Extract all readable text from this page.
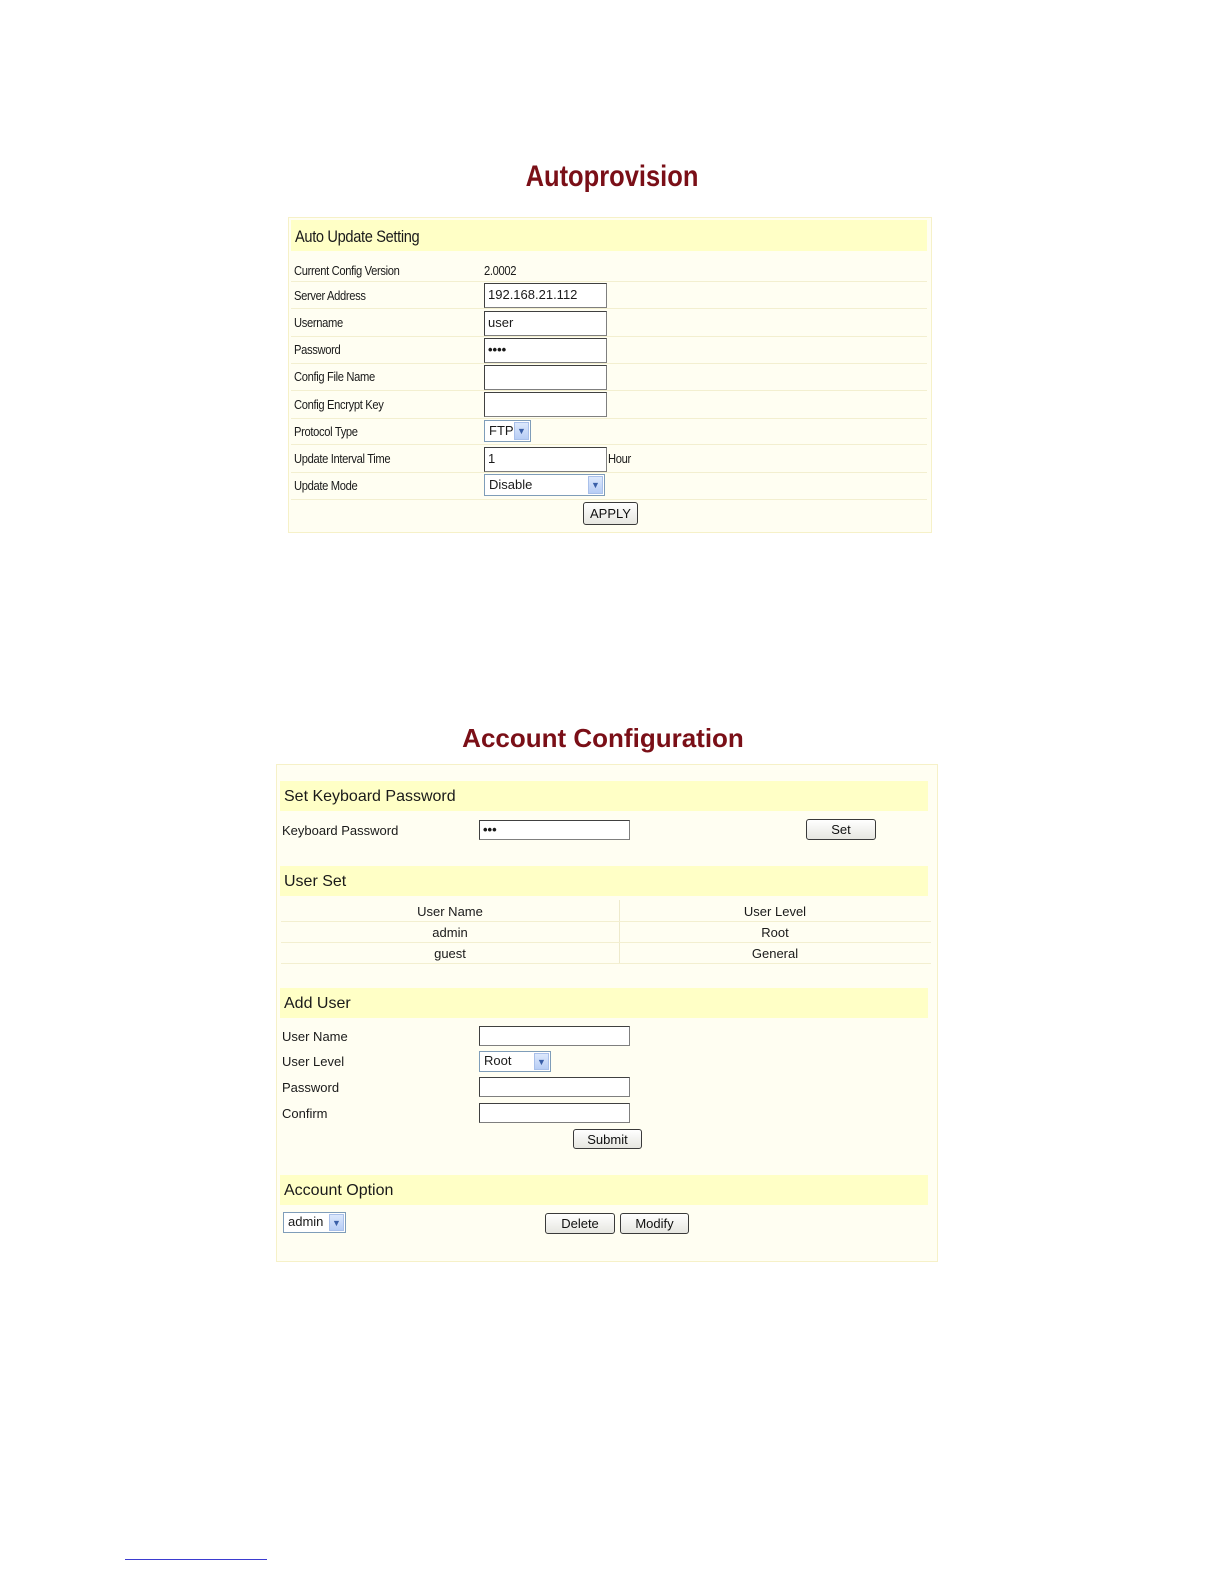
Autoprovision
Auto Update Setting
Current Config Version	2.0002
Server Address	192.168.21.112
Username	user
Password	••••
Config File Name
Config Encrypt Key
Protocol Type	FTP ▼
Update Interval Time	1	Hour
Update Mode	Disable	▼
APPLY
Account Configuration
Set Keyboard Password
Keyboard Password	•••	Set
User Set
User Name	User Level
admin	Root
guest	General
Add User
User Name
User Level	Root	▼
Password
Confirm
Submit
Account Option
admin ▼	Delete	Modify
